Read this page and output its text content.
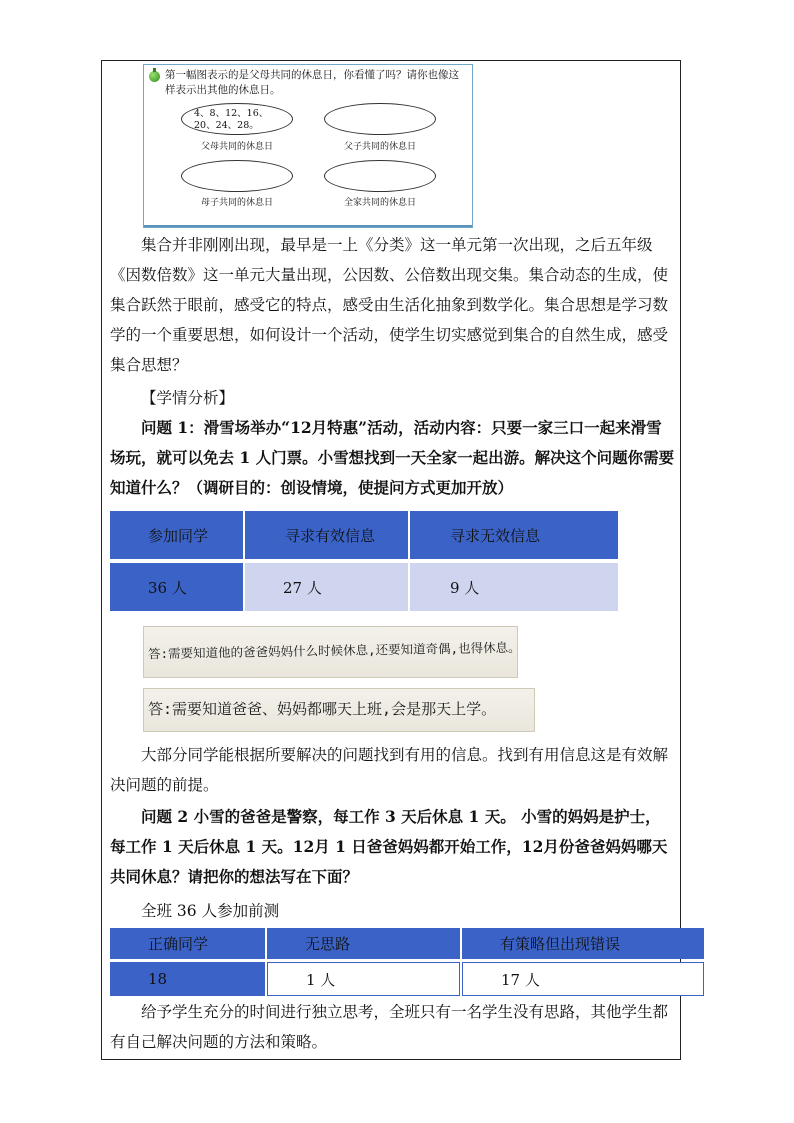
第一幅图表示的是父母共同的休息日，你看懂了吗？请你也像这样表示出其他的休息日。
4、8、12、16、
20、24、28。
父母共同的休息日	父子共同的休息日
母子共同的休息日	全家共同的休息日
集合并非刚刚出现，最早是一上《分类》这一单元第一次出现，之后五年级《因数倍数》这一单元大量出现，公因数、公倍数出现交集。集合动态的生成，使集合跃然于眼前，感受它的特点，感受由生活化抽象到数学化。集合思想是学习数学的一个重要思想，如何设计一个活动，使学生切实感觉到集合的自然生成，感受集合思想？
【学情分析】
问题 1：滑雪场举办“12月特惠”活动，活动内容：只要一家三口一起来滑雪场玩，就可以免去 1 人门票。小雪想找到一天全家一起出游。解决这个问题你需要知道什么？（调研目的：创设情境，使提问方式更加开放）
参加同学	寻求有效信息	寻求无效信息
36 人	27 人	9 人
答:需要知道他的爸爸妈妈什么时候休息,还要知道奇偶,也得休息。
答:需要知道爸爸、妈妈都哪天上班,会是那天上学。
大部分同学能根据所要解决的问题找到有用的信息。找到有用信息这是有效解决问题的前提。
问题 2 小雪的爸爸是警察，每工作 3 天后休息 1 天。 小雪的妈妈是护士，每工作 1 天后休息 1 天。12月 1 日爸爸妈妈都开始工作，12月份爸爸妈妈哪天共同休息？请把你的想法写在下面？
全班 36 人参加前测
正确同学	无思路	有策略但出现错误
18	1 人	17 人
给予学生充分的时间进行独立思考，全班只有一名学生没有思路，其他学生都有自己解决问题的方法和策略。
